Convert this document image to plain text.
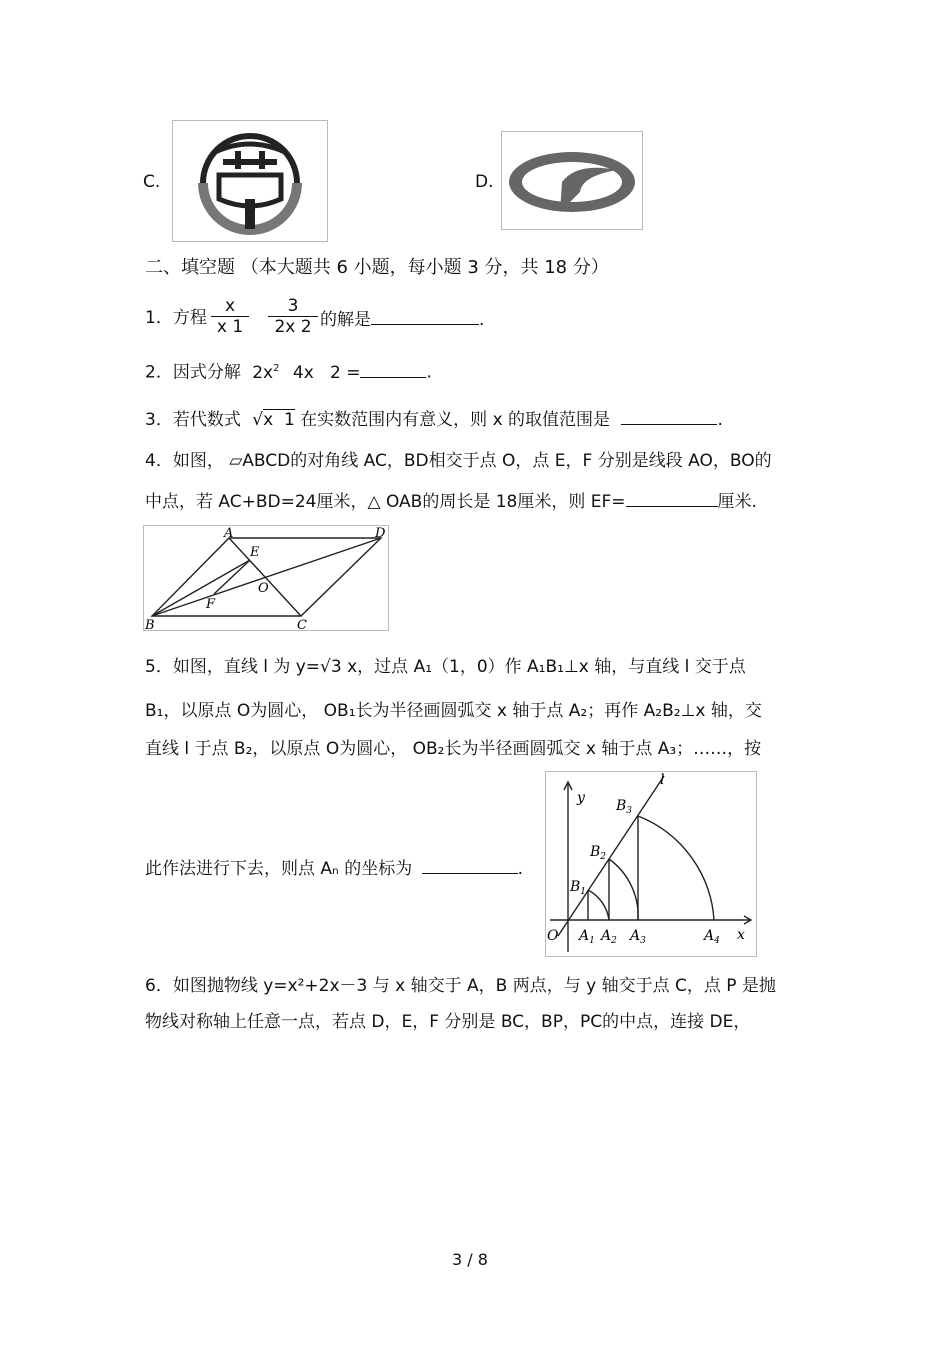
C.	D.
二、填空题 （本大题共 6 小题，每小题 3 分，共 18 分）
1．方程 $\frac{x}{x 1} \frac{3}{2x 2}$ 的解是	.
2．因式分解 $2x^2$ 4x   2 =	.
3．若代数式 √x  1 在实数范围内有意义，则 x 的取值范围是	.
4．如图， ▱ABCD的对角线 AC，BD相交于点 O，点 E，F 分别是线段 AO，BO的
中点，若 AC+BD=24厘米，△ OAB的周长是 18厘米，则 EF=	厘米.
A	D
E
O
F
B	C
5．如图，直线 l 为 y=√3 x，过点 A₁（1，0）作 A₁B₁⊥x 轴，与直线 l 交于点
B₁，以原点 O为圆心， OB₁长为半径画圆弧交 x 轴于点 A₂；再作 A₂B₂⊥x 轴，交
直线 l 于点 B₂，以原点 O为圆心， OB₂长为半径画圆弧交 x 轴于点 A₃；……，按
此作法进行下去，则点 Aₙ 的坐标为	.
y
l
x
O
$B_1$
$B_2$
$B_3$
$A_1$ $A_2$ $A_3$	$A_4$
6．如图抛物线 y=x²+2x－3 与 x 轴交于 A，B 两点，与 y 轴交于点 C，点 P 是抛
物线对称轴上任意一点，若点 D，E，F 分别是 BC，BP，PC的中点，连接 DE，
3 / 8
